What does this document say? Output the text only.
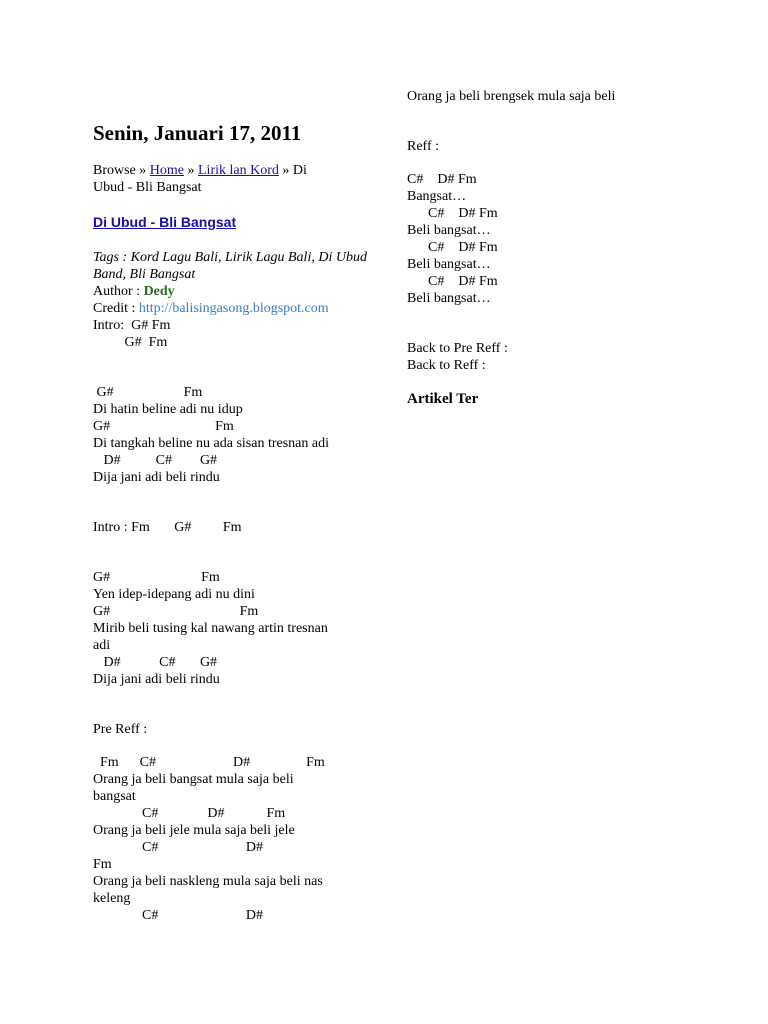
Senin, Januari 17, 2011
Browse » Home » Lirik lan Kord » Di
Ubud - Bli Bangsat
Di Ubud - Bli Bangsat
Tags : Kord Lagu Bali, Lirik Lagu Bali, Di Ubud Band, Bli Bangsat
Author : Dedy
Credit : http://balisingasong.blogspot.com
Intro:  G# Fm
G#  Fm
G#                    Fm
Di hatin beline adi nu idup
G#                              Fm
Di tangkah beline nu ada sisan tresnan adi
D#          C#        G#
Dija jani adi beli rindu
Intro : Fm       G#         Fm
G#                          Fm
Yen idep-idepang adi nu dini
G#                                     Fm
Mirib beli tusing kal nawang artin tresnan
adi
D#           C#       G#
Dija jani adi beli rindu
Pre Reff :
Fm      C#                      D#                Fm
Orang ja beli bangsat mula saja beli
bangsat
C#              D#            Fm
Orang ja beli jele mula saja beli jele
C#                         D#
Fm
Orang ja beli naskleng mula saja beli nas
keleng
C#                         D#
Orang ja beli brengsek mula saja beli
Reff :
C#    D# Fm
Bangsat…
C#    D# Fm
Beli bangsat…
C#    D# Fm
Beli bangsat…
C#    D# Fm
Beli bangsat…
Back to Pre Reff :
Back to Reff :
Artikel Ter
